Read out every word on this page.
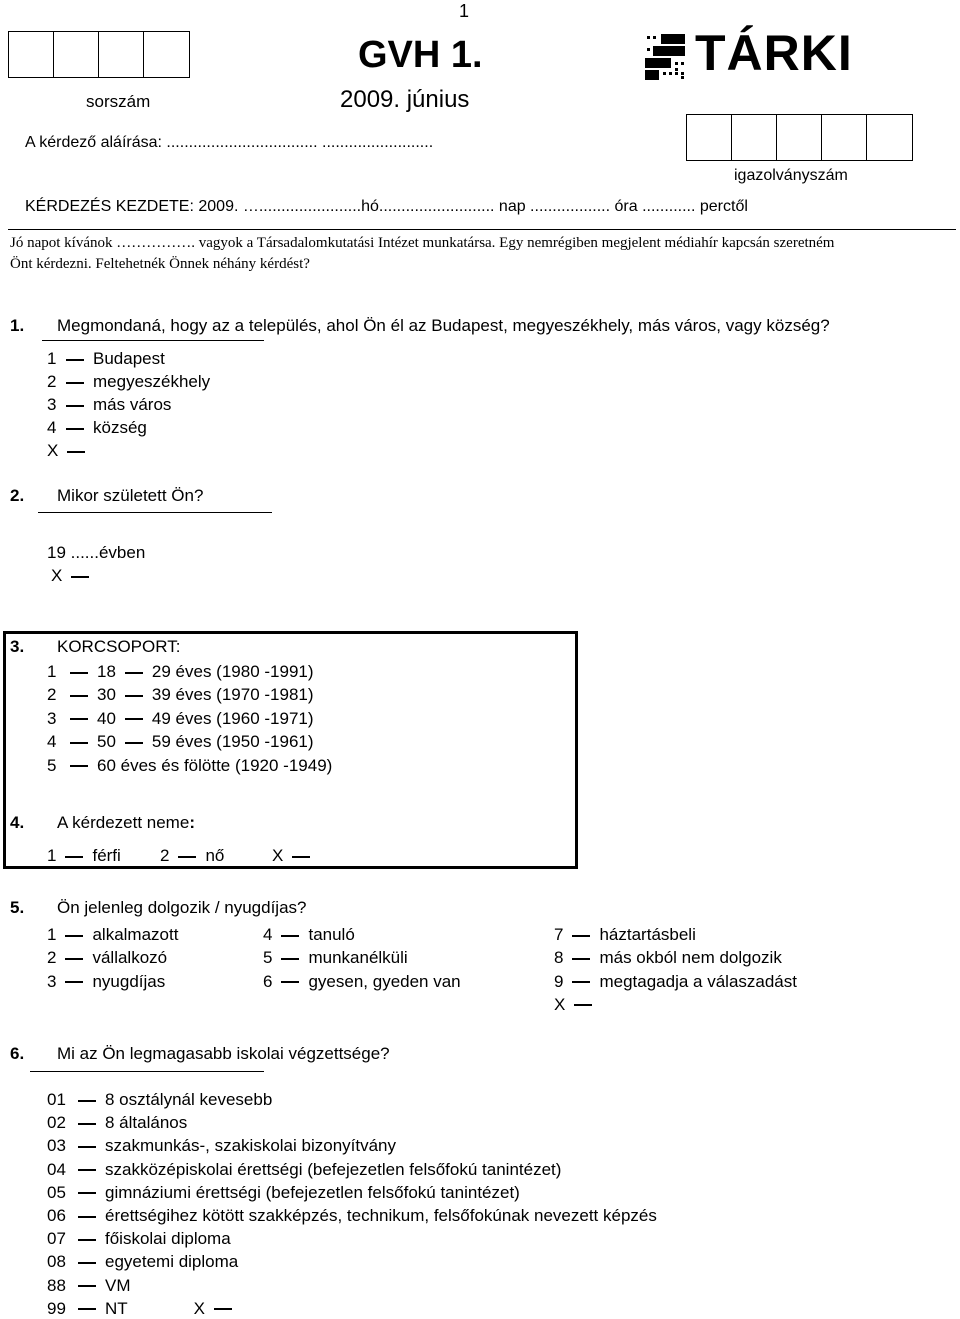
1
sorszám
GVH 1.
2009. június
TÁRKI
A kérdező aláírása: .................................. .........................
igazolványszám
KÉRDEZÉS KEZDETE: 2009. ….......................hó.......................... nap .................. óra ............ perctől
Jó napot kívánok ……………. vagyok a Társadalomkutatási Intézet munkatársa. Egy nemrégiben megjelent médiahír kapcsán szeretném
Önt kérdezni. Feltehetnék Önnek néhány kérdést?
1. Megmondaná, hogy az a település, ahol Ön él az Budapest, megyeszékhely, más város, vagy község?
1 Budapest
2 megyeszékhely
3 más város
4 község
X
2. Mikor született Ön?
19 ......évben
X
3. KORCSOPORT:
1 18 29 éves (1980 -1991)
2 30 39 éves (1970 -1981)
3 40 49 éves (1960 -1971)
4 50 59 éves (1950 -1961)
5 60 éves és fölötte (1920 -1949)
4. A kérdezett neme:
1 férfi 2 nő	X
5. Ön jelenleg dolgozik / nyugdíjas?
1 alkalmazott
2 vállalkozó
3 nyugdíjas
4 tanuló
5 munkanélküli
6 gyesen, gyeden van
7 háztartásbeli
8 más okból nem dolgozik
9 megtagadja a válaszadást
X
6. Mi az Ön legmagasabb iskolai végzettsége?
01 8 osztálynál kevesebb
02 8 általános
03 szakmunkás-, szakiskolai bizonyítvány
04 szakközépiskolai érettségi (befejezetlen felsőfokú tanintézet)
05 gimnáziumi érettségi (befejezetlen felsőfokú tanintézet)
06 érettségihez kötött szakképzés, technikum, felsőfokúnak nevezett képzés
07 főiskolai diploma
08 egyetemi diploma
88 VM
99 NT	X
